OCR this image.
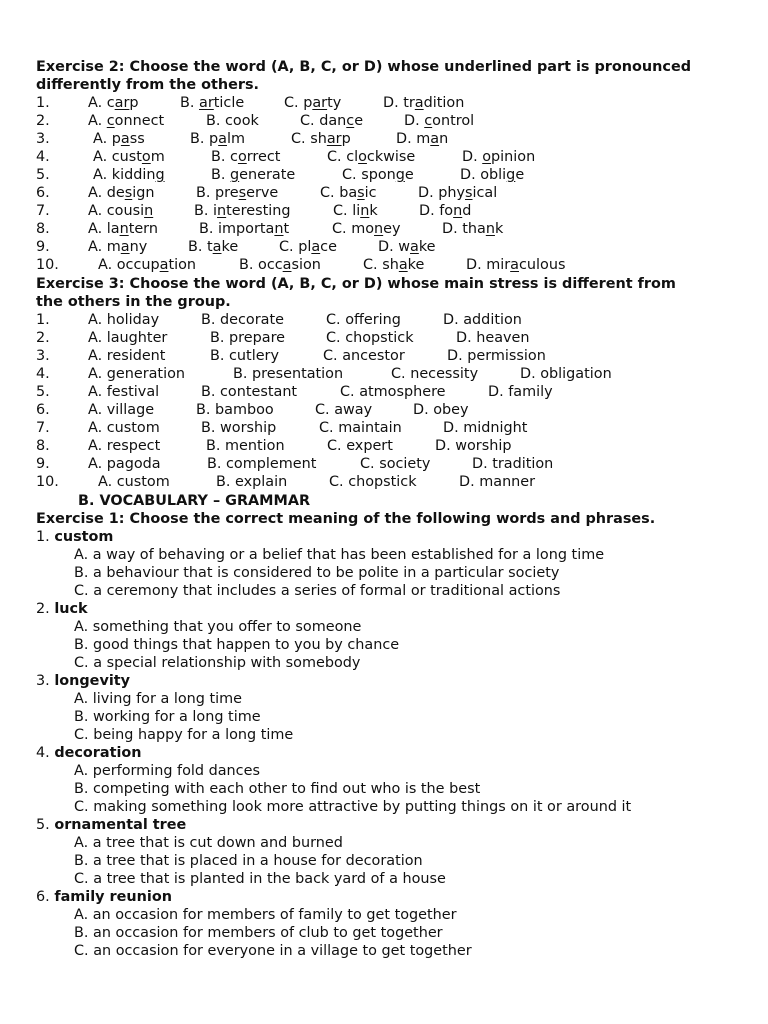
Exercise 2: Choose the word (A, B, C, or D) whose underlined part is pronounced
differently from the others.
1.	A. carp	B. article	C. party	D. tradition
2.	A. connect	B. cook	C. dance	D. control
3.	A. pass	B. palm	C. sharp	D. man
4.	A. custom	B. correct	C. clockwise	D. opinion
5.	A. kidding	B. generate	C. sponge	D. oblige
6.	A. design	B. preserve	C. basic	D. physical
7.	A. cousin	B. interesting	C. link	D. fond
8.	A. lantern	B. important	C. money	D. thank
9.	A. many	B. take	C. place	D. wake
10.	A. occupation	B. occasion	C. shake	D. miraculous
Exercise 3: Choose the word (A, B, C, or D) whose main stress is different from
the others in the group.
1.	A. holiday	B. decorate	C. offering	D. addition
2.	A. laughter	B. prepare	C. chopstick	D. heaven
3.	A. resident	B. cutlery	C. ancestor	D. permission
4.	A. generation	B. presentation	C. necessity	D. obligation
5.	A. festival	B. contestant	C. atmosphere	D. family
6.	A. village	B. bamboo	C. away	D. obey
7.	A. custom	B. worship	C. maintain	D. midnight
8.	A. respect	B. mention	C. expert	D. worship
9.	A. pagoda	B. complement	C. society	D. tradition
10.	A. custom	B. explain	C. chopstick	D. manner
B. VOCABULARY – GRAMMAR
Exercise 1: Choose the correct meaning of the following words and phrases.
1. custom
A. a way of behaving or a belief that has been established for a long time
B. a behaviour that is considered to be polite in a particular society
C. a ceremony that includes a series of formal or traditional actions
2. luck
A. something that you offer to someone
B. good things that happen to you by chance
C. a special relationship with somebody
3. longevity
A. living for a long time
B. working for a long time
C. being happy for a long time
4. decoration
A. performing fold dances
B. competing with each other to find out who is the best
C. making something look more attractive by putting things on it or around it
5. ornamental tree
A. a tree that is cut down and burned
B. a tree that is placed in a house for decoration
C. a tree that is planted in the back yard of a house
6. family reunion
A. an occasion for members of family to get together
B. an occasion for members of club to get together
C. an occasion for everyone in a village to get together
